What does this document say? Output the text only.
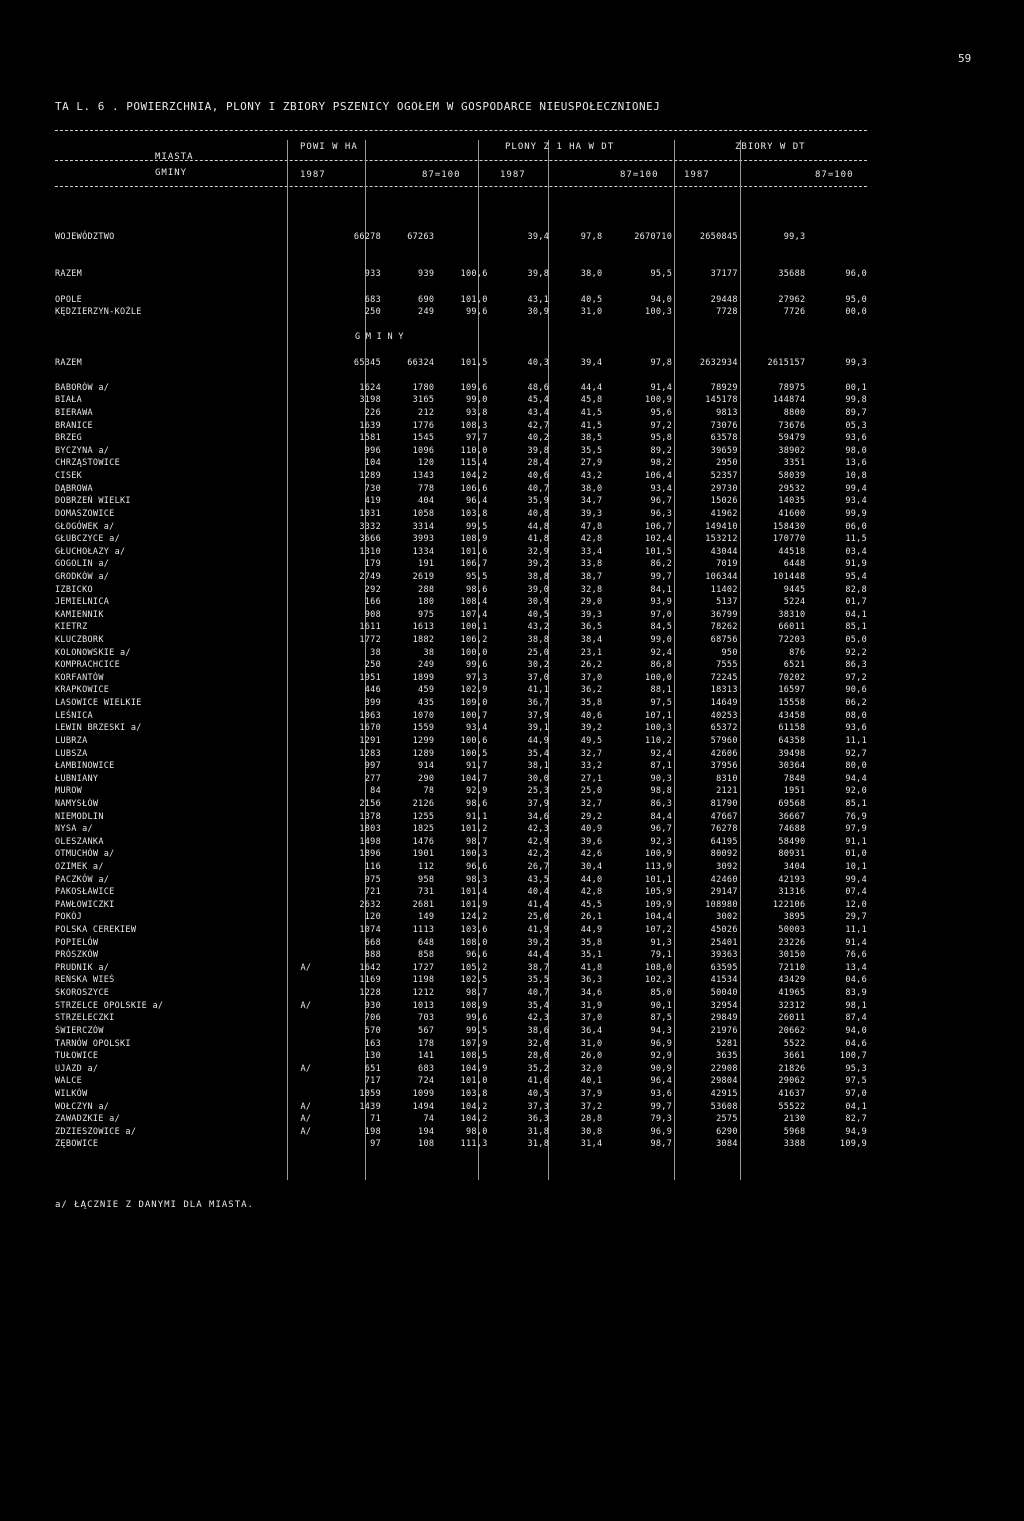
59
TA L. 6 . POWIERZCHNIA, PLONY I ZBIORY PSZENICY OGOŁEM W GOSPODARCE NIEUSPOŁECZNIONEJ
MIASTA
GMINY
POWI W HA	PLONY Z 1 HA W DT	ZBIORY W DT
1987	87=100	1987	87=100	1987	87=100

WOJEWÓDZTWO		66278	67263		39,4	97,8	2670710	2650845	99,3	

RAZEM		933	939	100,6	39,8	38,0	95,5	37177	35688	96,0

OPOLE		683	690	101,0	43,1	40,5	94,0	29448	27962	95,0
KĘDZIERZYN-KOŹLE		250	249	99,6	30,9	31,0	100,3	7728	7726	00,0

G M I N Y										

RAZEM		65345	66324	101,5	40,3	39,4	97,8	2632934	2615157	99,3

BABORÓW a/		1624	1780	109,6	48,6	44,4	91,4	78929	78975	00,1
BIAŁA		3198	3165	99,0	45,4	45,8	100,9	145178	144874	99,8
BIERAWA		226	212	93,8	43,4	41,5	95,6	9813	8800	89,7
BRANICE		1639	1776	108,3	42,7	41,5	97,2	73076	73676	05,3
BRZEG		1581	1545	97,7	40,2	38,5	95,8	63578	59479	93,6
BYCZYNA a/		996	1096	110,0	39,8	35,5	89,2	39659	38902	98,0
CHRZĄSTOWICE		104	120	115,4	28,4	27,9	98,2	2950	3351	13,6
CISEK		1289	1343	104,2	40,6	43,2	106,4	52357	58039	10,8
DĄBROWA		730	778	106,6	40,7	38,0	93,4	29730	29532	99,4
DOBRZEŃ WIELKI		419	404	96,4	35,9	34,7	96,7	15026	14035	93,4
DOMASZOWICE		1031	1058	103,8	40,8	39,3	96,3	41962	41600	99,9
GŁOGÓWEK a/		3332	3314	99,5	44,8	47,8	106,7	149410	158430	06,0
GŁUBCZYCE a/		3666	3993	108,9	41,8	42,8	102,4	153212	170770	11,5
GŁUCHOŁAZY a/		1310	1334	101,6	32,9	33,4	101,5	43044	44518	03,4
GOGOLIN a/		179	191	106,7	39,2	33,8	86,2	7019	6448	91,9
GRODKÓW a/		2749	2619	95,5	38,8	38,7	99,7	106344	101448	95,4
IZBICKO		292	288	98,6	39,0	32,8	84,1	11402	9445	82,8
JEMIELNICA		166	180	108,4	30,9	29,0	93,9	5137	5224	01,7
KAMIENNIK		908	975	107,4	40,5	39,3	97,0	36799	38310	04,1
KIETRZ		1611	1613	100,1	43,2	36,5	84,5	78262	66011	85,1
KLUCZBORK		1772	1882	106,2	38,8	38,4	99,0	68756	72203	05,0
KOLONOWSKIE a/		38	38	100,0	25,0	23,1	92,4	950	876	92,2
KOMPRACHCICE		250	249	99,6	30,2	26,2	86,8	7555	6521	86,3
KORFANTÓW		1951	1899	97,3	37,0	37,0	100,0	72245	70202	97,2
KRAPKOWICE		446	459	102,9	41,1	36,2	88,1	18313	16597	90,6
LASOWICE WIELKIE		399	435	109,0	36,7	35,8	97,5	14649	15558	06,2
LEŚNICA		1063	1070	100,7	37,9	40,6	107,1	40253	43458	08,0
LEWIN BRZESKI a/		1670	1559	93,4	39,1	39,2	100,3	65372	61158	93,6
LUBRZA		1291	1299	100,6	44,9	49,5	110,2	57960	64358	11,1
LUBSZA		1283	1289	100,5	35,4	32,7	92,4	42606	39498	92,7
ŁAMBINOWICE		997	914	91,7	38,1	33,2	87,1	37956	30364	80,0
ŁUBNIANY		277	290	104,7	30,0	27,1	90,3	8310	7848	94,4
MUROW		84	78	92,9	25,3	25,0	98,8	2121	1951	92,0
NAMYSŁÓW		2156	2126	98,6	37,9	32,7	86,3	81790	69568	85,1
NIEMODLIN		1378	1255	91,1	34,6	29,2	84,4	47667	36667	76,9
NYSA a/		1803	1825	101,2	42,3	40,9	96,7	76278	74688	97,9
OLESZANKA		1498	1476	98,7	42,9	39,6	92,3	64195	58490	91,1
OTMUCHÓW a/		1896	1901	100,3	42,2	42,6	100,9	80092	80931	01,0
OZIMEK a/		116	112	96,6	26,7	30,4	113,9	3092	3404	10,1
PACZKÓW a/		975	958	98,3	43,5	44,0	101,1	42460	42193	99,4
PAKOSŁAWICE		721	731	101,4	40,4	42,8	105,9	29147	31316	07,4
PAWŁOWICZKI		2632	2681	101,9	41,4	45,5	109,9	108980	122106	12,0
POKÓJ		120	149	124,2	25,0	26,1	104,4	3002	3895	29,7
POLSKA CEREKIEW		1074	1113	103,6	41,9	44,9	107,2	45026	50003	11,1
POPIELÓW		668	648	108,0	39,2	35,8	91,3	25401	23226	91,4
PRÓSZKÓW		888	858	96,6	44,4	35,1	79,1	39363	30150	76,6
PRUDNIK a/	A/	1642	1727	105,2	38,7	41,8	108,0	63595	72110	13,4
REŃSKA WIEŚ		1169	1198	102,5	35,5	36,3	102,3	41534	43429	04,6
SKOROSZYCE		1228	1212	98,7	40,7	34,6	85,0	50040	41965	83,9
STRZELCE OPOLSKIE a/	A/	930	1013	108,9	35,4	31,9	90,1	32954	32312	98,1
STRZELECZKI		706	703	99,6	42,3	37,0	87,5	29849	26011	87,4
ŚWIERCZÓW		570	567	99,5	38,6	36,4	94,3	21976	20662	94,0
TARNÓW OPOLSKI		163	178	107,9	32,0	31,0	96,9	5281	5522	04,6
TUŁOWICE		130	141	108,5	28,0	26,0	92,9	3635	3661	100,7
UJAZD a/	A/	651	683	104,9	35,2	32,0	90,9	22908	21826	95,3
WALCE		717	724	101,0	41,6	40,1	96,4	29804	29062	97,5
WILKÓW		1059	1099	103,8	40,5	37,9	93,6	42915	41637	97,0
WOŁCZYN a/	A/	1439	1494	104,2	37,3	37,2	99,7	53608	55522	04,1
ZAWADZKIE a/	A/	71	74	104,2	36,3	28,8	79,3	2575	2130	82,7
ZDZIESZOWICE a/	A/	198	194	98,0	31,8	30,8	96,9	6290	5968	94,9
ZĘBOWICE		97	108	111,3	31,8	31,4	98,7	3084	3388	109,9
a/ ŁĄCZNIE Z DANYMI DLA MIASTA.
